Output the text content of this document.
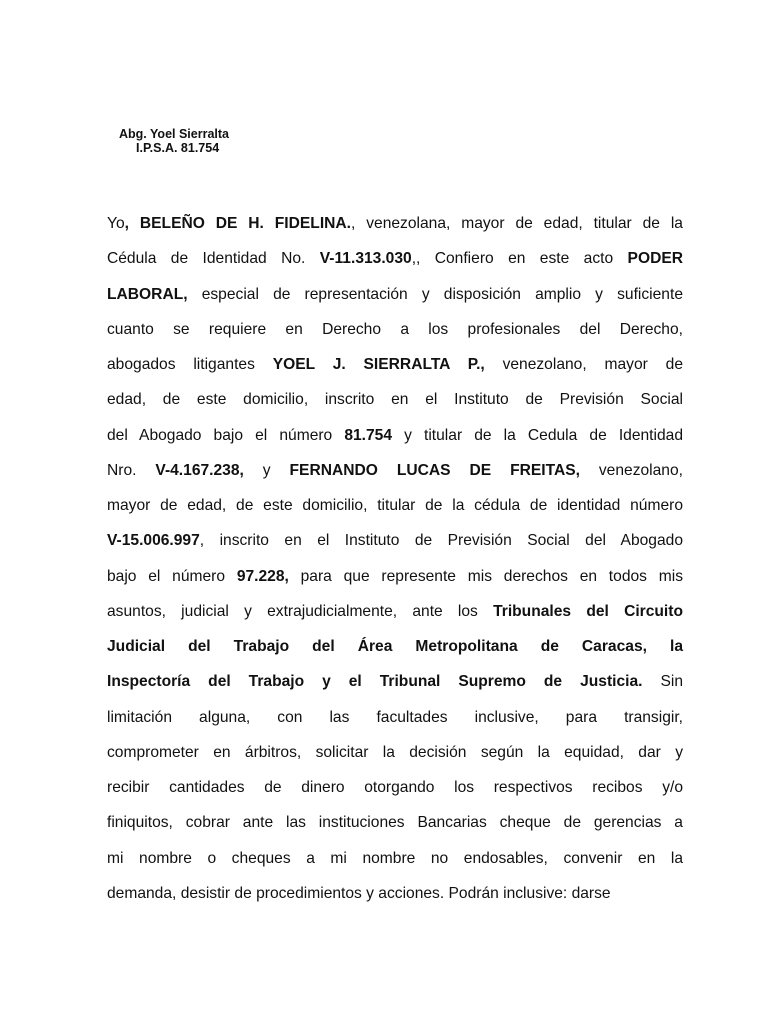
Abg. Yoel Sierralta
I.P.S.A. 81.754
Yo, BELEÑO DE H. FIDELINA., venezolana, mayor de edad, titular de la
Cédula de Identidad No. V-11.313.030,, Confiero en este acto PODER
LABORAL, especial de representación y disposición amplio y suficiente
cuanto se requiere en Derecho a los profesionales del Derecho,
abogados litigantes YOEL J. SIERRALTA P., venezolano, mayor de
edad, de este domicilio, inscrito en el Instituto de Previsión Social
del Abogado bajo el número 81.754 y titular de la Cedula de Identidad
Nro. V-4.167.238, y FERNANDO LUCAS DE FREITAS, venezolano,
mayor de edad, de este domicilio, titular de la cédula de identidad número
V-15.006.997, inscrito en el Instituto de Previsión Social del Abogado
bajo el número 97.228, para que represente mis derechos en todos mis
asuntos, judicial y extrajudicialmente, ante los Tribunales del Circuito
Judicial del Trabajo del Área Metropolitana de Caracas, la
Inspectoría del Trabajo y el Tribunal Supremo de Justicia. Sin
limitación alguna, con las facultades inclusive, para transigir,
comprometer en árbitros, solicitar la decisión según la equidad, dar y
recibir cantidades de dinero otorgando los respectivos recibos y/o
finiquitos, cobrar ante las instituciones Bancarias cheque de gerencias a
mi nombre o cheques a mi nombre no endosables, convenir en la
demanda, desistir de procedimientos y acciones. Podrán inclusive: darse
